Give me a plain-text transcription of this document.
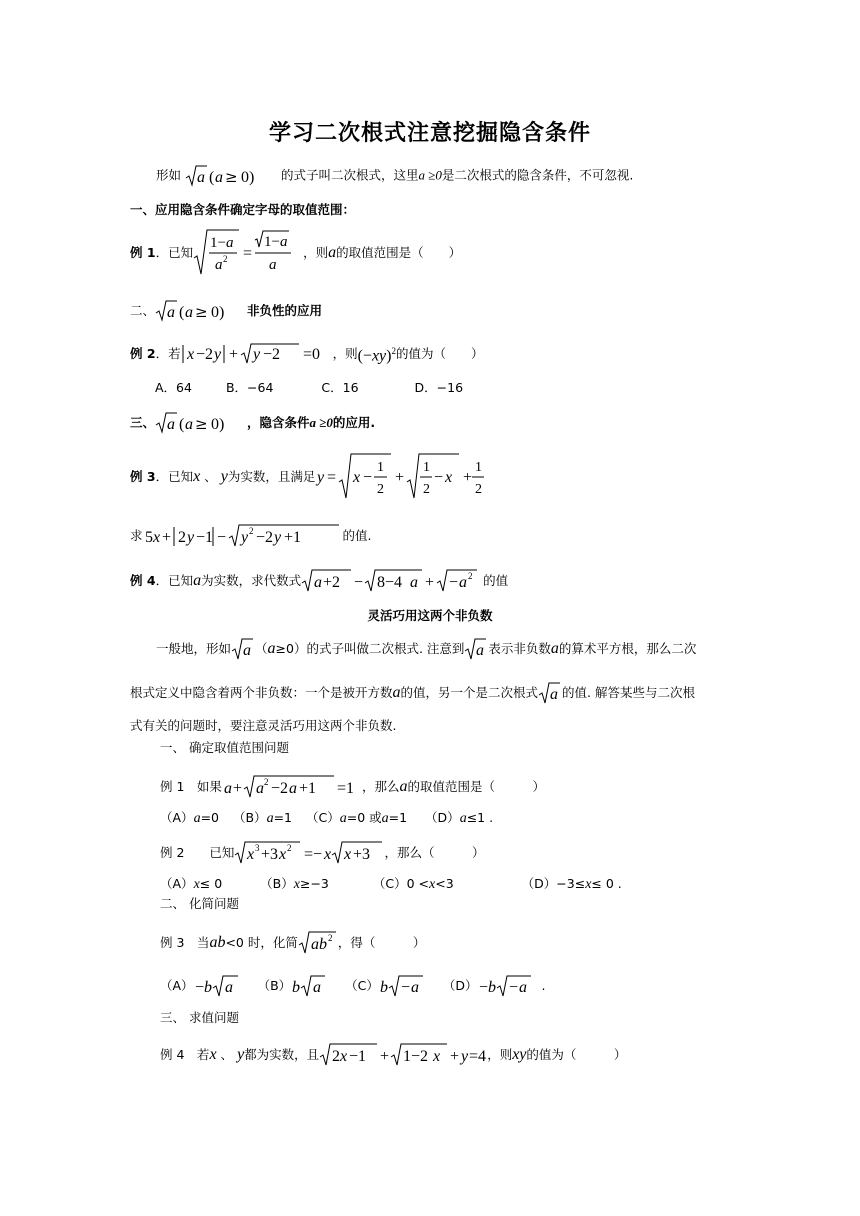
学习二次根式注意挖掘隐含条件
形如 a ( a ≥ 0) 的式子叫二次根式，这里a ≥0是二次根式的隐含条件，不可忽视.
一、应用隐含条件确定字母的取值范围：
例 1 ．已知
1− a
a 2 =
1− a
a
，则 a 的取值范围是（　　）
二、 a ( a ≥ 0) 非负性的应用
例 2 ．若 x −2 y + y −2 =0 ，则 $(-xy)^2$ 的值为（　　）
A．64	B．−64	C．16	D．−16
三、 a ( a ≥ 0) ，隐含条件 a ≥0 的应用.
例 3 ．已知 x 、 y 为实数，且满足 y = x −
1
2
+
1
2
− x +
1
2
求 5 x + 2 y −1 − y 2 −2 y +1	的值.
例 4 ．已知 a 为实数，求代数式 a +2 − 8−4 a + − a 2 的值
灵活巧用这两个非负数
一般地，形如 a （ a ≥0）的式子叫做二次根式. 注意到 a 表示非负数 a 的算术平方根，那么二次
根式定义中隐含着两个非负数：一个是被开方数 a 的值，另一个是二次根式 a 的值. 解答某些与二次根
式有关的问题时，要注意灵活巧用这两个非负数.
一、 确定取值范围问题
例 1　如果 a + a 2 −2 a +1 =1 ，那么 a 的取值范围是（　　　）
（A）a=0 （B）a=1 （C）a=0 或a=1 （D）a≤1 .
例 2　　已知 x 3 +3 x 2 =− x x +3 ，那么（　　　）
（A）x≤ 0	（B）x≥−3	（C）0 <x<3	（D）−3≤x≤ 0 .
二、 化简问题
例 3　当 ab <0 时，化简 ab 2 ，得（　　　）
（A） − b a （B） b a （C） b − a （D） − b − a .
三、 求值问题
例 4　若 x 、 y 都为实数，且 2 x −1 + 1−2 x + y =4 ，则 xy 的值为（　　　）
